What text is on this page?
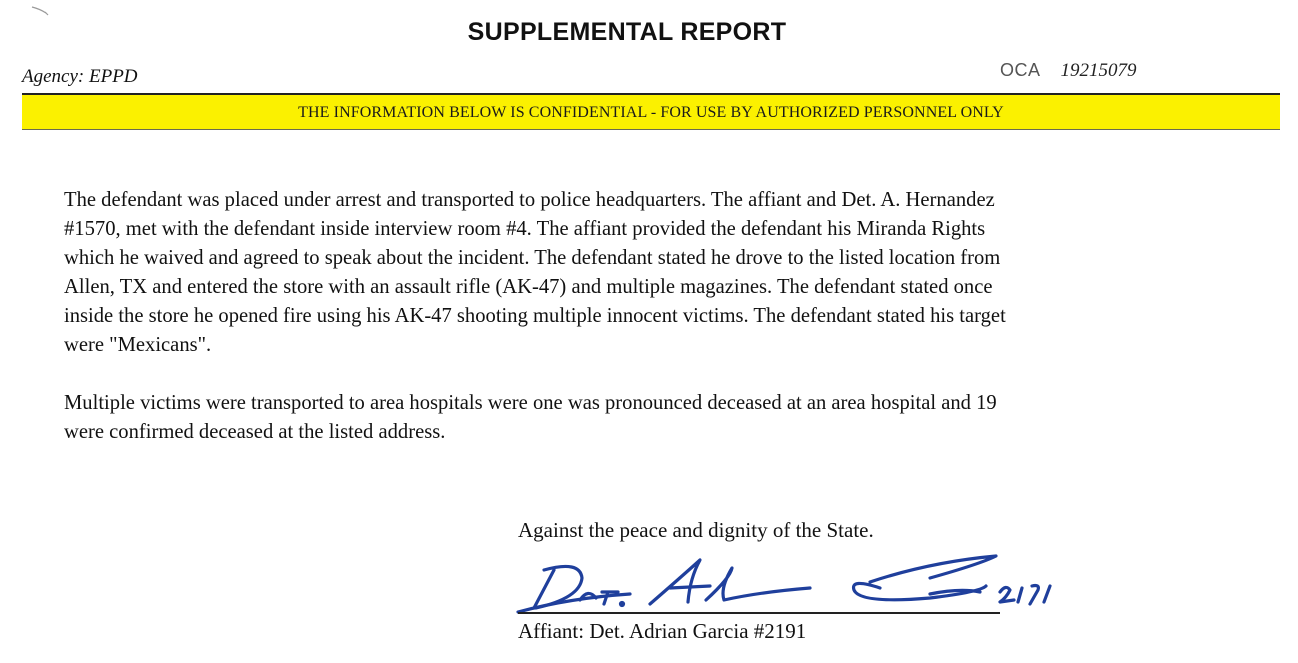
SUPPLEMENTAL REPORT
Agency: EPPD	OCA 19215079
THE INFORMATION BELOW IS CONFIDENTIAL - FOR USE BY AUTHORIZED PERSONNEL ONLY
The defendant was placed under arrest and transported to police headquarters. The affiant and Det. A. Hernandez
#1570, met with the defendant inside interview room #4. The affiant provided the defendant his Miranda Rights
which he waived and agreed to speak about the incident. The defendant stated he drove to the listed location from
Allen, TX and entered the store with an assault rifle (AK-47) and multiple magazines. The defendant stated once
inside the store he opened fire using his AK-47 shooting multiple innocent victims. The defendant stated his target
were "Mexicans".
Multiple victims were transported to area hospitals were one was pronounced deceased at an area hospital and 19
were confirmed deceased at the listed address.
Against the peace and dignity of the State.
Affiant: Det. Adrian Garcia #2191
